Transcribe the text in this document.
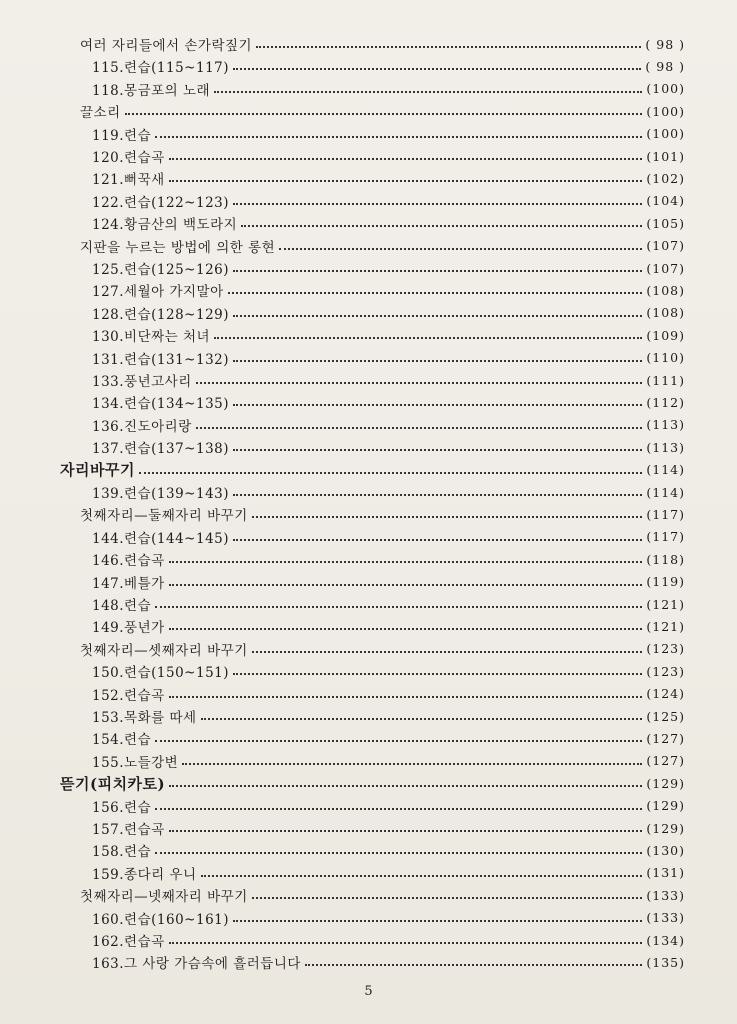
여러 자리들에서 손가락짚기	( 98 )
115.련습(115~117)	( 98 )
118.몽금포의 노래	(100)
끌소리	(100)
119.련습	(100)
120.련습곡	(101)
121.뻐꾹새	(102)
122.련습(122~123)	(104)
124.황금산의 백도라지	(105)
지판을 누르는 방법에 의한 롱현	(107)
125.련습(125~126)	(107)
127.세월아 가지말아	(108)
128.련습(128~129)	(108)
130.비단짜는 처녀	(109)
131.련습(131~132)	(110)
133.풍년고사리	(111)
134.련습(134~135)	(112)
136.진도아리랑	(113)
137.련습(137~138)	(113)
자리바꾸기	(114)
139.련습(139~143)	(114)
첫째자리—둘째자리 바꾸기	(117)
144.련습(144~145)	(117)
146.련습곡	(118)
147.베틀가	(119)
148.련습	(121)
149.풍년가	(121)
첫째자리—셋째자리 바꾸기	(123)
150.련습(150~151)	(123)
152.련습곡	(124)
153.목화를 따세	(125)
154.련습	(127)
155.노들강변	(127)
뜯기(피치카토)	(129)
156.련습	(129)
157.련습곡	(129)
158.련습	(130)
159.종다리 우니	(131)
첫째자리—넷째자리 바꾸기	(133)
160.련습(160~161)	(133)
162.련습곡	(134)
163.그 사랑 가슴속에 흘러듭니다	(135)
5
